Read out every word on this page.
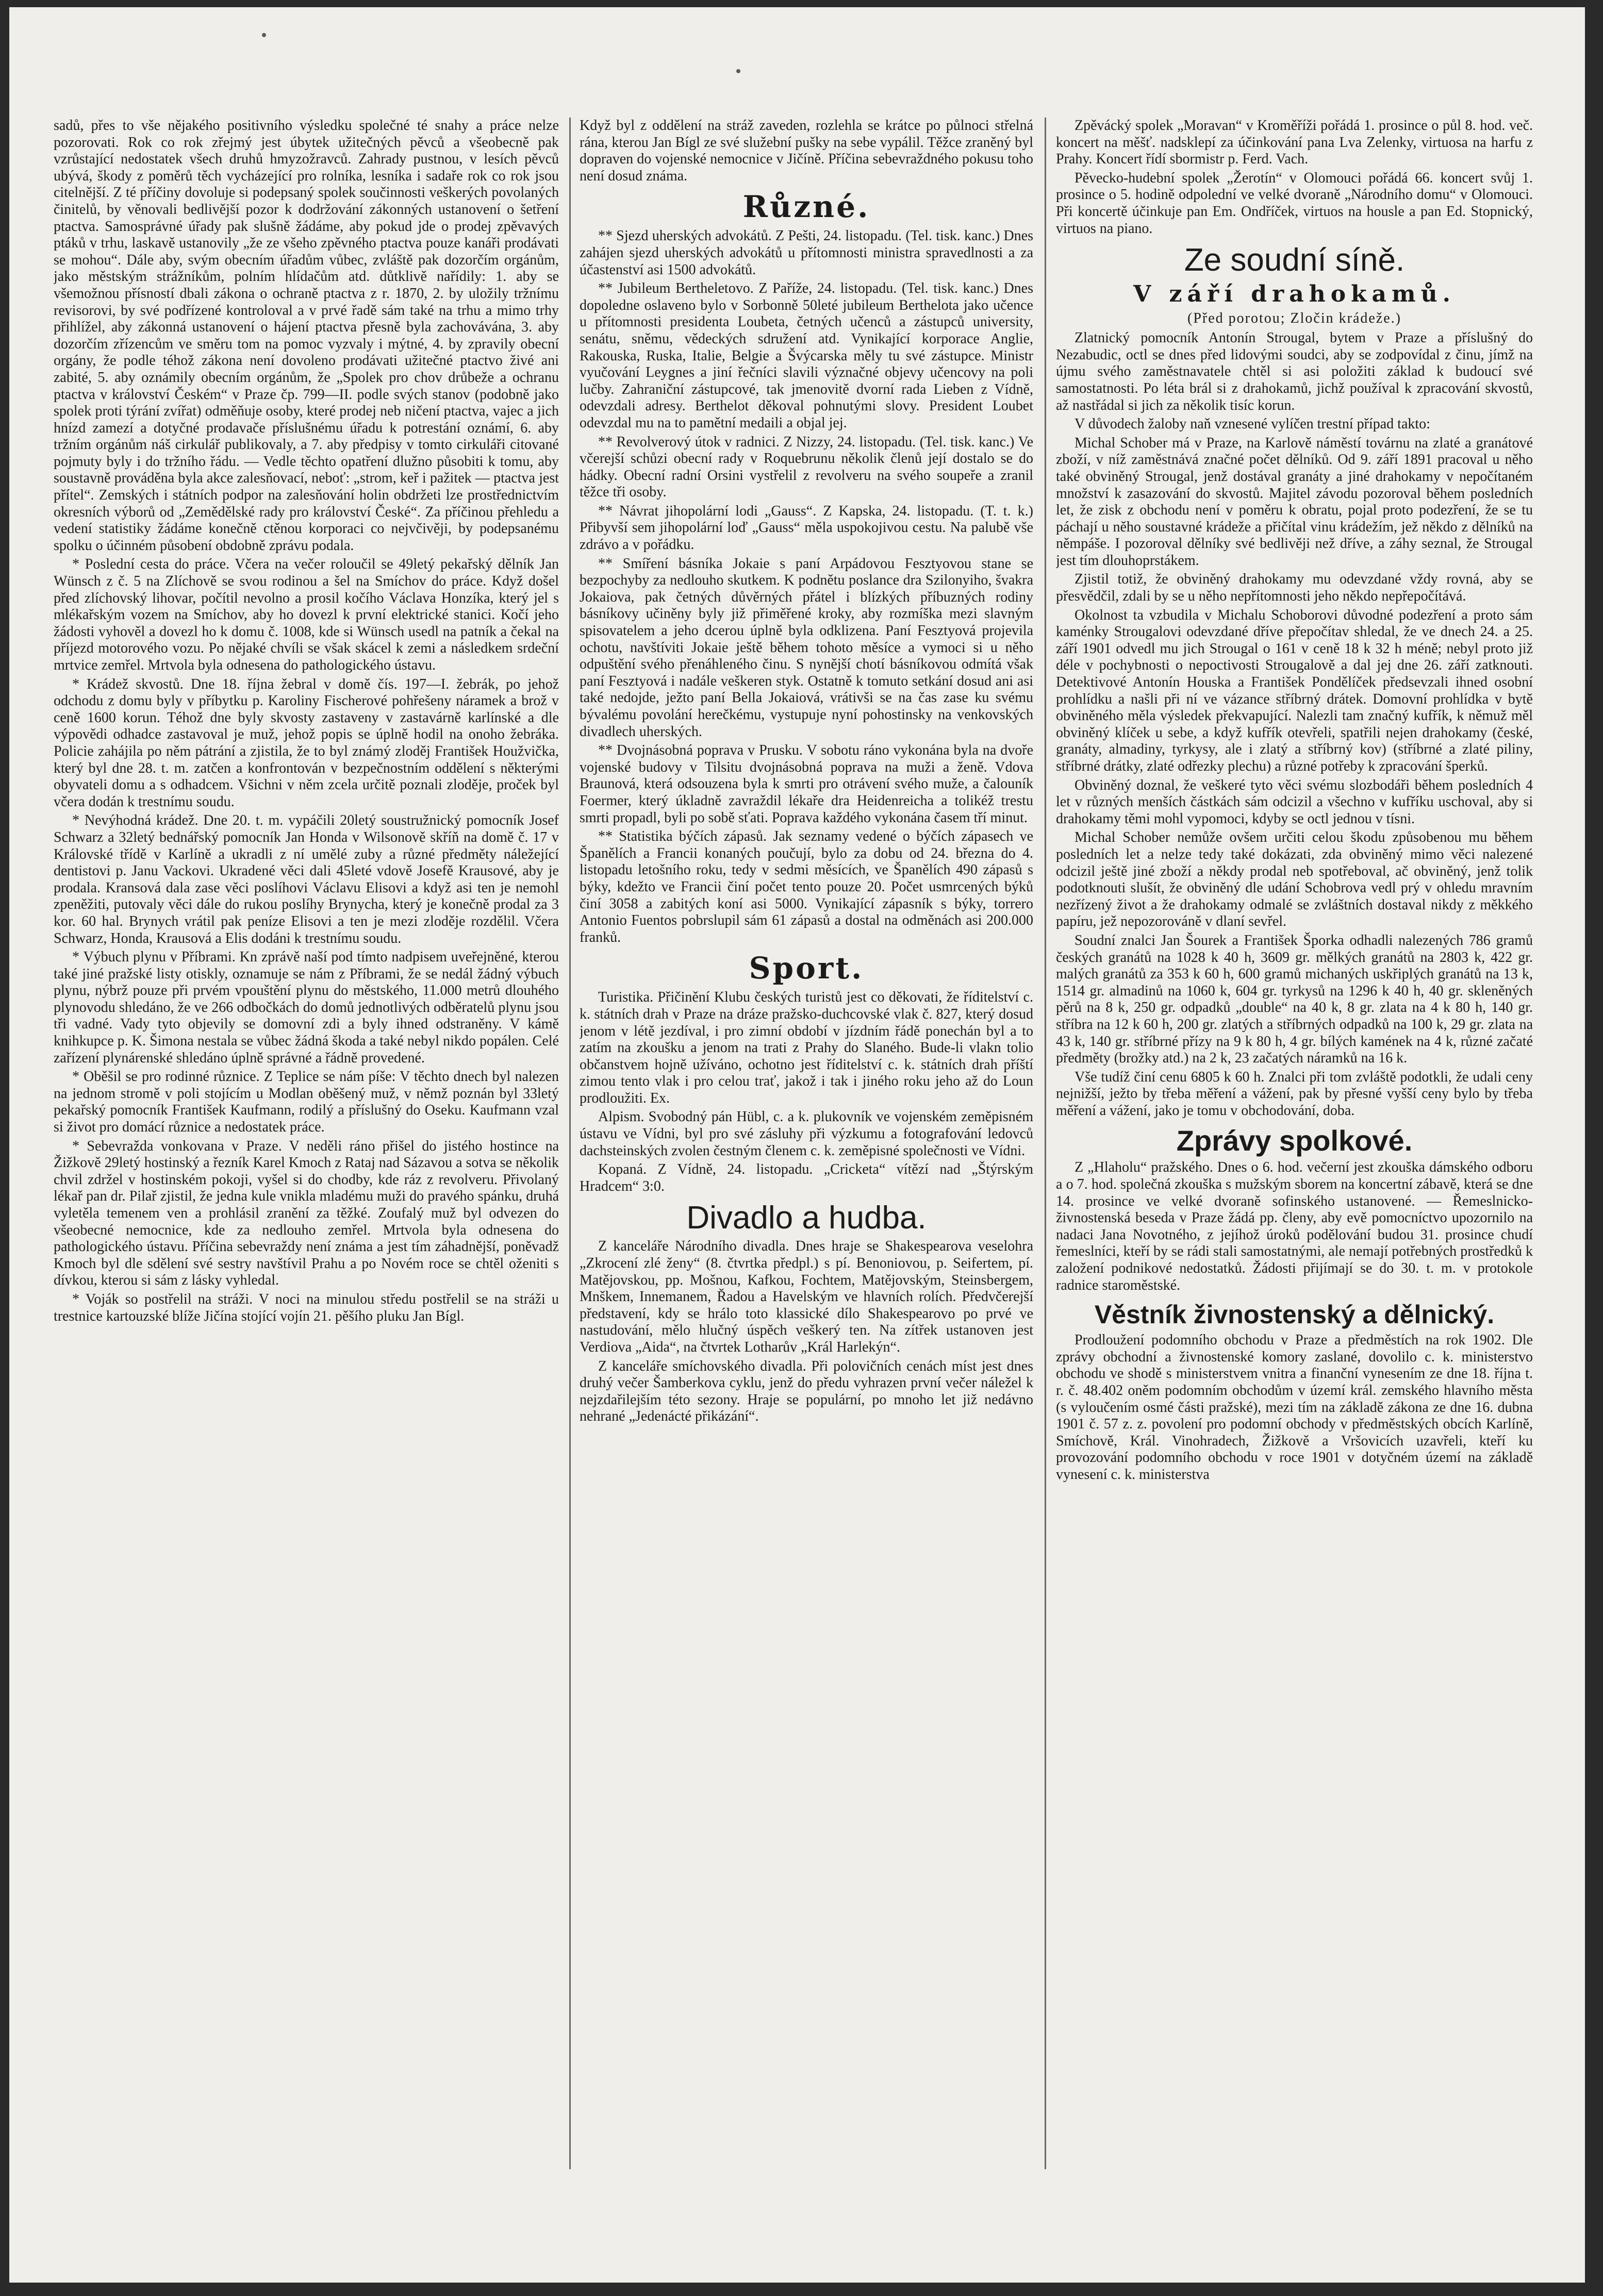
sadů, přes to vše nějakého positivního výsledku společné té snahy a práce nelze pozorovati. Rok co rok zřejmý jest úbytek užitečných pěvců a všeobecně pak vzrůstající nedostatek všech druhů hmyzožravců. Zahrady pustnou, v lesích pěvců ubývá, škody z poměrů těch vycházející pro rolníka, lesníka i sadaře rok co rok jsou citelnější. Z té příčiny dovoluje si podepsaný spolek součinnosti veškerých povolaných činitelů, by věnovali bedlivější pozor k dodržování zákonných ustanovení o šetření ptactva. Samosprávné úřady pak slušně žádáme, aby pokud jde o prodej zpěvavých ptáků v trhu, laskavě ustanovily „že ze všeho zpěvného ptactva pouze kanáři prodávati se mohou“. Dále aby, svým obecním úřadům vůbec, zvláště pak dozorčím orgánům, jako městským strážníkům, polním hlídačům atd. důtklivě nařídily: 1. aby se všemožnou přísností dbali zákona o ochraně ptactva z r. 1870, 2. by uložily tržnímu revisorovi, by své podřízené kontroloval a v prvé řadě sám také na trhu a mimo trhy přihlížel, aby zákonná ustanovení o hájení ptactva přesně byla zachovávána, 3. aby dozorčím zřízencům ve směru tom na pomoc vyzvaly i mýtné, 4. by zpravily obecní orgány, že podle téhož zákona není dovoleno prodávati užitečné ptactvo živé ani zabité, 5. aby oznámily obecním orgánům, že „Spolek pro chov drůbeže a ochranu ptactva v království Českém“ v Praze čp. 799—II. podle svých stanov (podobně jako spolek proti týrání zvířat) odměňuje osoby, které prodej neb ničení ptactva, vajec a jich hnízd zamezí a dotyčné prodavače příslušnému úřadu k potrestání oznámí, 6. aby tržním orgánům náš cirkulář publikovaly, a 7. aby předpisy v tomto cirkuláři citované pojmuty byly i do tržního řádu. — Vedle těchto opatření dlužno působiti k tomu, aby soustavně prováděna byla akce zalesňovací, neboť: „strom, keř i pažitek — ptactva jest přítel“. Zemských i státních podpor na zalesňování holin obdržeti lze prostřednictvím okresních výborů od „Zemědělské rady pro království České“. Za příčinou přehledu a vedení statistiky žádáme konečně ctěnou korporaci co nejvčivěji, by podepsanému spolku o účinném působení obdobně zprávu podala.

* Poslední cesta do práce. Včera na večer roloučil se 49letý pekařský dělník Jan Wünsch z č. 5 na Zlíchově se svou rodinou a šel na Smíchov do práce. Když došel před zlíchovský lihovar, počítil nevolno a prosil kočího Václava Honzíka, který jel s mlékařským vozem na Smíchov, aby ho dovezl k první elektrické stanici. Kočí jeho žádosti vyhověl a dovezl ho k domu č. 1008, kde si Wünsch usedl na patník a čekal na příjezd motorového vozu. Po nějaké chvíli se však skácel k zemi a následkem srdeční mrtvice zemřel. Mrtvola byla odnesena do pathologického ústavu.

* Krádež skvostů. Dne 18. října žebral v domě čís. 197—I. žebrák, po jehož odchodu z domu byly v příbytku p. Karoliny Fischerové pohřešeny náramek a brož v ceně 1600 korun. Téhož dne byly skvosty zastaveny v zastavárně karlínské a dle výpovědi odhadce zastavoval je muž, jehož popis se úplně hodil na onoho žebráka. Policie zahájila po něm pátrání a zjistila, že to byl známý zloděj František Houžvička, který byl dne 28. t. m. zatčen a konfrontován v bezpečnostním oddělení s některými obyvateli domu a s odhadcem. Všichni v něm zcela určitě poznali zloděje, proček byl včera dodán k trestnímu soudu.

* Nevýhodná krádež. Dne 20. t. m. vypáčili 20letý soustružnický pomocník Josef Schwarz a 32letý bednářský pomocník Jan Honda v Wilsonově skříň na domě č. 17 v Královské třídě v Karlíně a ukradli z ní umělé zuby a různé předměty náležející dentistovi p. Janu Vackovi. Ukradené věci dali 45leté vdově Josefě Krausové, aby je prodala. Kransová dala zase věci poslíhovi Václavu Elisovi a když asi ten je nemohl zpeněžiti, putovaly věci dále do rukou poslíhy Brynycha, který je konečně prodal za 3 kor. 60 hal. Brynych vrátil pak peníze Elisovi a ten je mezi zloděje rozdělil. Včera Schwarz, Honda, Krausová a Elis dodáni k trestnímu soudu.

* Výbuch plynu v Příbrami. Kn zprávě naší pod tímto nadpisem uveřejněné, kterou také jiné pražské listy otiskly, oznamuje se nám z Příbrami, že se nedál žádný výbuch plynu, nýbrž pouze při prvém vpouštění plynu do městského, 11.000 metrů dlouhého plynovodu shledáno, že ve 266 odbočkách do domů jednotlivých odběratelů plynu jsou tři vadné. Vady tyto objevily se domovní zdi a byly ihned odstraněny. V kámě knihkupce p. K. Šimona nestala se vůbec žádná škoda a také nebyl nikdo popálen. Celé zařízení plynárenské shledáno úplně správné a řádně provedené.

* Oběšil se pro rodinné různice. Z Teplice se nám píše: V těchto dnech byl nalezen na jednom stromě v poli stojícím u Modlan oběšený muž, v němž poznán byl 33letý pekařský pomocník František Kaufmann, rodilý a příslušný do Oseku. Kaufmann vzal si život pro domácí různice a nedostatek práce.

* Sebevražda vonkovana v Praze. V neděli ráno přišel do jistého hostince na Žižkově 29letý hostinský a řezník Karel Kmoch z Rataj nad Sázavou a sotva se několik chvil zdržel v hostinském pokoji, vyšel si do chodby, kde ráz z revolveru. Přivolaný lékař pan dr. Pilař zjistil, že jedna kule vnikla mladému muži do pravého spánku, druhá vyletěla temenem ven a prohlásil zranění za těžké. Zoufalý muž byl odvezen do všeobecné nemocnice, kde za nedlouho zemřel. Mrtvola byla odnesena do pathologického ústavu. Příčina sebevraždy není známa a jest tím záhadnější, poněvadž Kmoch byl dle sdělení své sestry navštívil Prahu a po Novém roce se chtěl oženiti s dívkou, kterou si sám z lásky vyhledal.

* Voják so postřelil na stráži. V noci na minulou středu postřelil se na stráži u trestnice kartouzské blíže Jičína stojící vojín 21. pěšího pluku Jan Bígl.

Když byl z oddělení na stráž zaveden, rozlehla se krátce po půlnoci střelná rána, kterou Jan Bígl ze své služební pušky na sebe vypálil. Těžce zraněný byl dopraven do vojenské nemocnice v Jičíně. Příčina sebevraždného pokusu toho není dosud známa.

Různé.

** Sjezd uherských advokátů. Z Pešti, 24. listopadu. (Tel. tisk. kanc.) Dnes zahájen sjezd uherských advokátů u přítomnosti ministra spravedlnosti a za účastenství asi 1500 advokátů.

** Jubileum Bertheletovo. Z Paříže, 24. listopadu. (Tel. tisk. kanc.) Dnes dopoledne oslaveno bylo v Sorbonně 50leté jubileum Berthelota jako učence u přítomnosti presidenta Loubeta, četných učenců a zástupců university, senátu, sněmu, vědeckých sdružení atd. Vynikající korporace Anglie, Rakouska, Ruska, Italie, Belgie a Švýcarska měly tu své zástupce. Ministr vyučování Leygnes a jiní řečníci slavili význačné objevy učencovy na poli lučby. Zahraniční zástupcové, tak jmenovitě dvorní rada Lieben z Vídně, odevzdali adresy. Berthelot děkoval pohnutými slovy. President Loubet odevzdal mu na to pamětní medaili a objal jej.

** Revolverový útok v radnici. Z Nizzy, 24. listopadu. (Tel. tisk. kanc.) Ve včerejší schůzi obecní rady v Roquebrunu několik členů její dostalo se do hádky. Obecní radní Orsini vystřelil z revolveru na svého soupeře a zranil těžce tři osoby.

** Návrat jihopolární lodi „Gauss“. Z Kapska, 24. listopadu. (T. t. k.) Přibyvší sem jihopolární loď „Gauss“ měla uspokojivou cestu. Na palubě vše zdrávo a v pořádku.

** Smíření básníka Jokaie s paní Arpádovou Fesztyovou stane se bezpochyby za nedlouho skutkem. K podnětu poslance dra Szilonyiho, švakra Jokaiova, pak četných důvěrných přátel i blízkých příbuzných rodiny básníkovy učiněny byly již přiměřené kroky, aby rozmíška mezi slavným spisovatelem a jeho dcerou úplně byla odklizena. Paní Fesztyová projevila ochotu, navštíviti Jokaie ještě během tohoto měsíce a vymoci si u něho odpuštění svého přenáhleného činu. S nynější chotí básníkovou odmítá však paní Fesztyová i nadále veškeren styk. Ostatně k tomuto setkání dosud ani asi také nedojde, ježto paní Bella Jokaiová, vrátivši se na čas zase ku svému bývalému povolání herečkému, vystupuje nyní pohostinsky na venkovských divadlech uherských.

** Dvojnásobná poprava v Prusku. V sobotu ráno vykonána byla na dvoře vojenské budovy v Tilsitu dvojnásobná poprava na muži a ženě. Vdova Braunová, která odsouzena byla k smrti pro otrávení svého muže, a čalouník Foermer, který úkladně zavraždil lékaře dra Heidenreicha a tolikéž trestu smrti propadl, byli po sobě sťati. Poprava každého vykonána časem tří minut.

** Statistika býčích zápasů. Jak seznamy vedené o býčích zápasech ve Španělích a Francii konaných poučují, bylo za dobu od 24. března do 4. listopadu letošního roku, tedy v sedmi měsících, ve Španělích 490 zápasů s býky, kdežto ve Francii činí počet tento pouze 20. Počet usmrcených býků činí 3058 a zabitých koní asi 5000. Vynikající zápasník s býky, torrero Antonio Fuentos pobrslupil sám 61 zápasů a dostal na odměnách asi 200.000 franků.

Sport.

Turistika. Přičinění Klubu českých turistů jest co děkovati, že říditelství c. k. státních drah v Praze na dráze pražsko-duchcovské vlak č. 827, který dosud jenom v létě jezdíval, i pro zimní období v jízdním řádě ponechán byl a to zatím na zkoušku a jenom na trati z Prahy do Slaného. Bude-li vlakn tolio občanstvem hojně užíváno, ochotno jest říditelství c. k. státních drah příští zimou tento vlak i pro celou trať, jakož i tak i jiného roku jeho až do Loun prodloužiti. Ex.

Alpism. Svobodný pán Hübl, c. a k. plukovník ve vojenském zeměpisném ústavu ve Vídni, byl pro své zásluhy při výzkumu a fotografování ledovců dachsteinských zvolen čestným členem c. k. zeměpisné společnosti ve Vídni.

Kopaná. Z Vídně, 24. listopadu. „Cricketa“ vítězí nad „Štýrským Hradcem“ 3:0.

Divadlo a hudba.

Z kanceláře Národního divadla. Dnes hraje se Shakespearova veselohra „Zkrocení zlé ženy“ (8. čtvrtka předpl.) s pí. Benoniovou, p. Seifertem, pí. Matějovskou, pp. Mošnou, Kafkou, Fochtem, Matějovským, Steinsbergem, Mnškem, Innemanem, Řadou a Havelským ve hlavních rolích. Předvčerejší představení, kdy se hrálo toto klassické dílo Shakespearovo po prvé ve nastudování, mělo hlučný úspěch veškerý ten. Na zítřek ustanoven jest Verdiova „Aida“, na čtvrtek Lotharův „Král Harlekýn“.

Z kanceláře smíchovského divadla. Při polovičních cenách míst jest dnes druhý večer Šamberkova cyklu, jenž do předu vyhrazen první večer náležel k nejzdařilejším této sezony. Hraje se populární, po mnoho let již nedávno nehrané „Jedenácté přikázání“.

Zpěvácký spolek „Moravan“ v Kroměříži pořádá 1. prosince o půl 8. hod. več. koncert na měšť. nadsklepí za účinkování pana Lva Zelenky, virtuosa na harfu z Prahy. Koncert řídí sbormistr p. Ferd. Vach.

Pěvecko-hudební spolek „Žerotín“ v Olomouci pořádá 66. koncert svůj 1. prosince o 5. hodině odpolední ve velké dvoraně „Národního domu“ v Olomouci. Při koncertě účinkuje pan Em. Ondříček, virtuos na housle a pan Ed. Stopnický, virtuos na piano.

Ze soudní síně.
V září drahokamů.
(Před porotou; Zločin krádeže.)

Zlatnický pomocník Antonín Strougal, bytem v Praze a příslušný do Nezabudic, octl se dnes před lidovými soudci, aby se zodpovídal z činu, jímž na újmu svého zaměstnavatele chtěl si asi položiti základ k budoucí své samostatnosti. Po léta brál si z drahokamů, jichž používal k zpracování skvostů, až nastřádal si jich za několik tisíc korun.

V důvodech žaloby naň vznesené vylíčen trestní případ takto:

Michal Schober má v Praze, na Karlově náměstí továrnu na zlaté a granátové zboží, v níž zaměstnává značné počet dělníků. Od 9. září 1891 pracoval u něho také obviněný Strougal, jenž dostával granáty a jiné drahokamy v nepočítaném množství k zasazování do skvostů. Majitel závodu pozoroval během posledních let, že zisk z obchodu není v poměru k obratu, pojal proto podezření, že se tu páchají u něho soustavné krádeže a přičítal vinu krádežím, jež někdo z dělníků na němpáše. I pozoroval dělníky své bedlivěji než dříve, a záhy seznal, že Strougal jest tím dlouhoprstákem.

Zjistil totiž, že obviněný drahokamy mu odevzdané vždy rovná, aby se přesvědčil, zdali by se u něho nepřítomnosti jeho někdo nepřepočítává.

Okolnost ta vzbudila v Michalu Schoborovi důvodné podezření a proto sám kaménky Strougalovi odevzdané dříve přepočítav shledal, že ve dnech 24. a 25. září 1901 odvedl mu jich Strougal o 161 v ceně 18 k 32 h méně; nebyl proto již déle v pochybnosti o nepoctivosti Strougalově a dal jej dne 26. září zatknouti. Detektivové Antonín Houska a František Pondělíček předsevzali ihned osobní prohlídku a našli při ní ve vázance stříbrný drátek. Domovní prohlídka v bytě obviněného měla výsledek překvapující. Nalezli tam značný kufřík, k němuž měl obviněný klíček u sebe, a když kufřík otevřeli, spatřili nejen drahokamy (české, granáty, almadiny, tyrkysy, ale i zlatý a stříbrný kov) (stříbrné a zlaté piliny, stříbrné drátky, zlaté odřezky plechu) a různé potřeby k zpracování šperků.

Obviněný doznal, že veškeré tyto věci svému slozbodáři během posledních 4 let v různých menších částkách sám odcizil a všechno v kufříku uschoval, aby si drahokamy těmi mohl vypomoci, kdyby se octl jednou v tísni.

Michal Schober nemůže ovšem určiti celou škodu způsobenou mu během posledních let a nelze tedy také dokázati, zda obviněný mimo věci nalezené odcizil ještě jiné zboží a někdy prodal neb spotřeboval, ač obviněný, jenž tolik podotknouti slušít, že obviněný dle udání Schobrova vedl prý v ohledu mravním nezřízený život a že drahokamy odmalé se zvláštních dostaval nikdy z měkkého papíru, jež nepozorováně v dlaní sevřel.

Soudní znalci Jan Šourek a František Šporka odhadli nalezených 786 gramů českých granátů na 1028 k 40 h, 3609 gr. mělkých granátů na 2803 k, 422 gr. malých granátů za 353 k 60 h, 600 gramů michaných uskřiplých granátů na 13 k, 1514 gr. almadinů na 1060 k, 604 gr. tyrkysů na 1296 k 40 h, 40 gr. skleněných pěrů na 8 k, 250 gr. odpadků „double“ na 40 k, 8 gr. zlata na 4 k 80 h, 140 gr. stříbra na 12 k 60 h, 200 gr. zlatých a stříbrných odpadků na 100 k, 29 gr. zlata na 43 k, 140 gr. stříbrné přízy na 9 k 80 h, 4 gr. bílých kamének na 4 k, různé začaté předměty (brožky atd.) na 2 k, 23 začatých náramků na 16 k.

Vše tudíž činí cenu 6805 k 60 h. Znalci při tom zvláště podotkli, že udali ceny nejnižší, ježto by třeba měření a vážení, pak by přesné vyšší ceny bylo by třeba měření a vážení, jako je tomu v obchodování, doba.

Zprávy spolkové.

Z „Hlaholu“ pražského. Dnes o 6. hod. večerní jest zkouška dámského odboru a o 7. hod. společná zkouška s mužským sborem na koncertní zábavě, která se dne 14. prosince ve velké dvoraně sofinského ustanovené. — Řemeslnicko-živnostenská beseda v Praze žádá pp. členy, aby evě pomocníctvo upozornilo na nadaci Jana Novotného, z jejíhož úroků podělování budou 31. prosince chudí řemeslníci, kteří by se rádi stali samostatnými, ale nemají potřebných prostředků k založení podnikové nedostatků. Žádosti přijímají se do 30. t. m. v protokole radnice staroměstské.

Věstník živnostenský a dělnický.

Prodloužení podomního obchodu v Praze a předměstích na rok 1902. Dle zprávy obchodní a živnostenské komory zaslané, dovolilo c. k. ministerstvo obchodu ve shodě s ministerstvem vnitra a finanční vynesením ze dne 18. října t. r. č. 48.402 oněm podomním obchodům v území král. zemského hlavního města (s vyloučením osmé části pražské), mezi tím na základě zákona ze dne 16. dubna 1901 č. 57 z. z. povolení pro podomní obchody v předměstských obcích Karlíně, Smíchově, Král. Vinohradech, Žižkově a Vršovicích uzavřeli, kteří ku provozování podomního obchodu v roce 1901 v dotyčném území na základě vynesení c. k. ministerstva
